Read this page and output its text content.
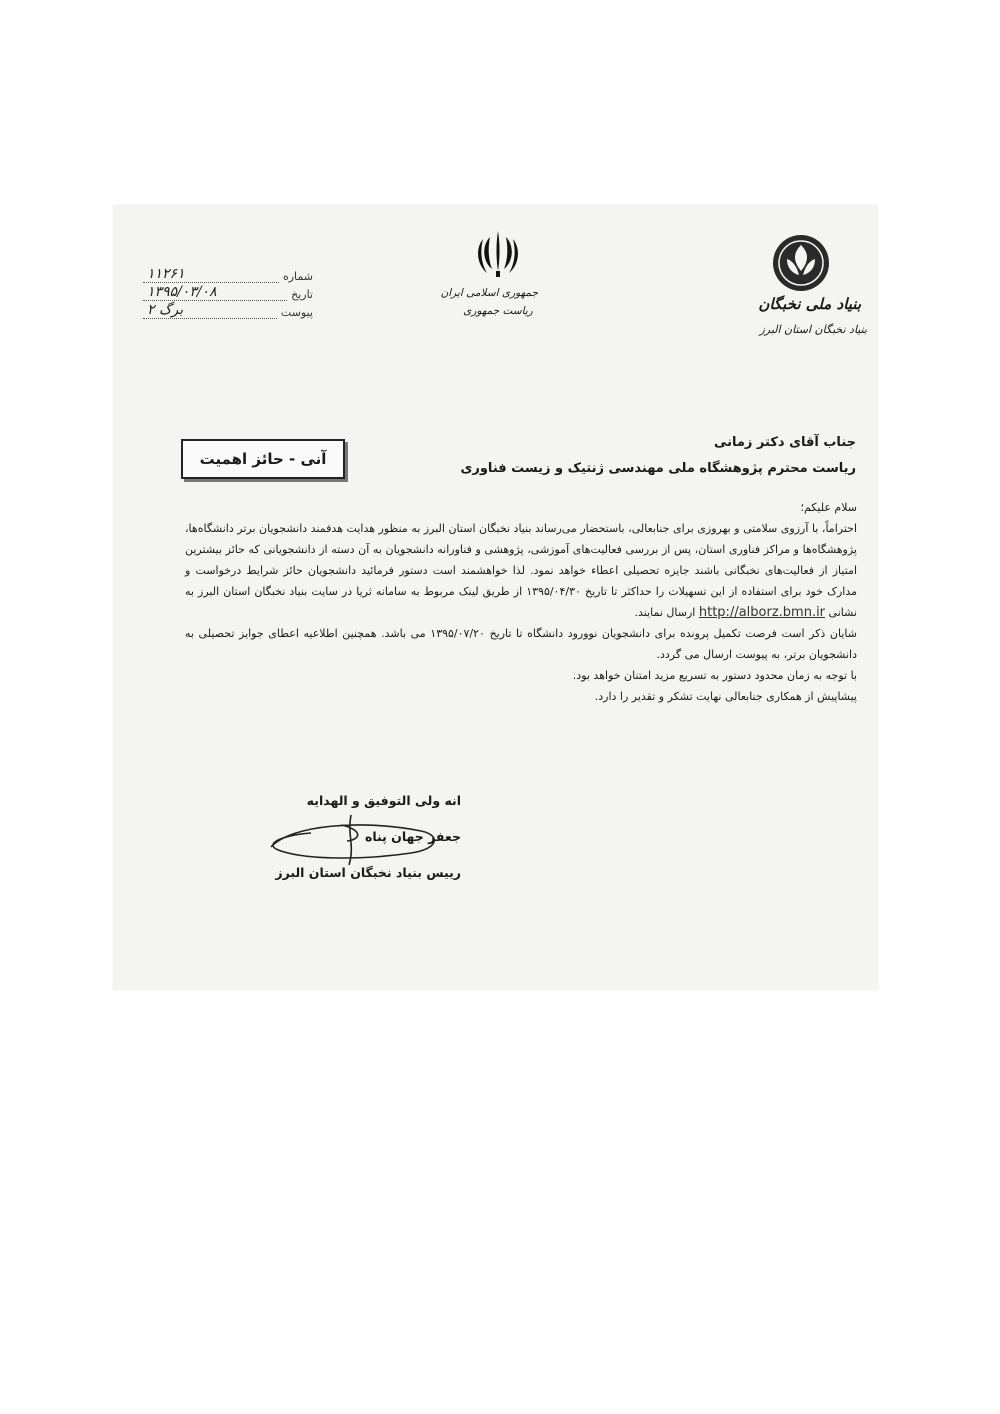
بنیاد ملی نخبگان
بنیاد نخبگان استان البرز
جمهوری اسلامی ایران
ریاست جمهوری
شماره
۱۱۲۶۱
تاریخ
۱۳۹۵/۰۳/۰۸
پیوست
۲ برگ
آنی - حائز اهمیت
جناب آقای دکتر زمانی
ریاست محترم پژوهشگاه ملی مهندسی ژنتیک و زیست فناوری

سلام علیکم؛

احتراماً، با آرزوی سلامتی و بهروزی برای جنابعالی، باستحضار می‌رساند بنیاد نخبگان استان البرز به منظور هدایت هدفمند دانشجویان برتر دانشگاه‌ها، پژوهشگاه‌ها و مراکز فناوری استان، پس از بررسی فعالیت‌های آموزشی، پژوهشی و فناورانه دانشجویان به آن دسته از دانشجویانی که حائز بیشترین امتیاز از فعالیت‌های نخبگانی باشند جایزه تحصیلی اعطاء خواهد نمود. لذا خواهشمند است دستور فرمائید دانشجویان حائز شرایط درخواست و مدارک خود برای استفاده از این تسهیلات را حداکثر تا تاریخ ۱۳۹۵/۰۴/۳۰ از طریق لینک مربوط به سامانه ثریا در سایت بنیاد نخبگان استان البرز به نشانی http://alborz.bmn.ir ارسال نمایند.

شایان ذکر است فرصت تکمیل پرونده برای دانشجویان نوورود دانشگاه تا تاریخ ۱۳۹۵/۰۷/۲۰ می باشد. همچنین اطلاعیه اعطای جوایز تحصیلی به دانشجویان برتر، به پیوست ارسال می گردد.

با توجه به زمان محدود دستور به تسریع مزید امتنان خواهد بود.

پیشاپیش از همکاری جنابعالی نهایت تشکر و تقدیر را دارد.

انه ولی التوفیق و الهدایه
جعفر جهان پناه
رییس بنیاد نخبگان استان البرز
